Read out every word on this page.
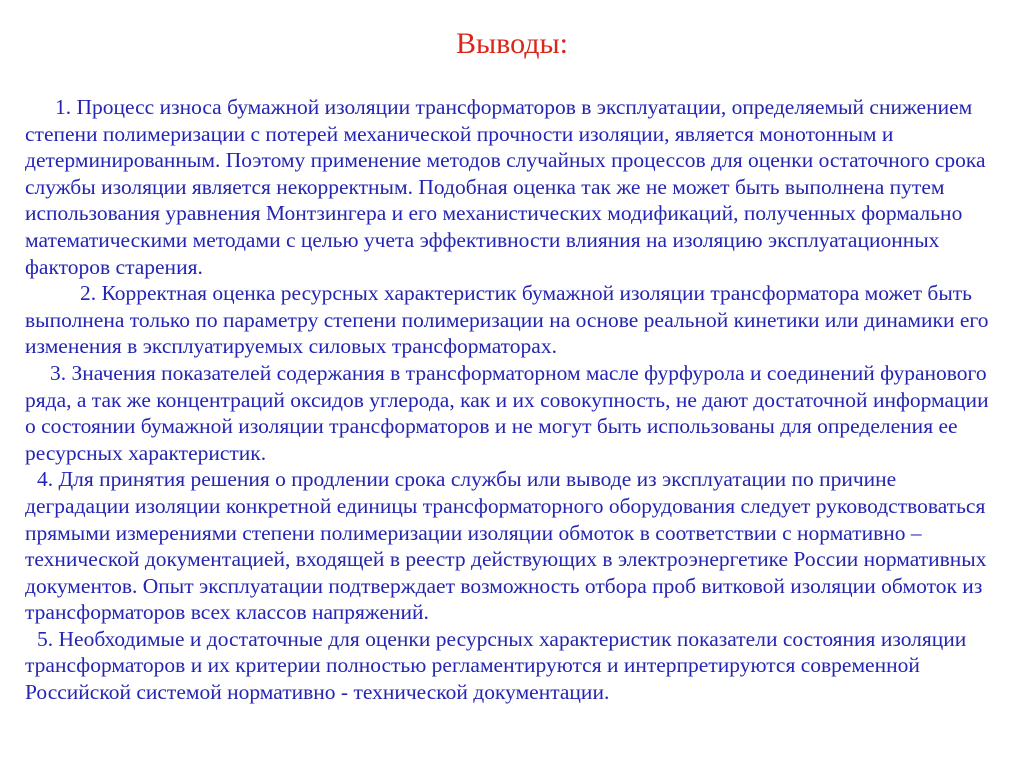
Выводы:

1. Процесс износа бумажной изоляции трансформаторов в эксплуатации, определяемый снижением степени полимеризации с потерей механической прочности изоляции, является монотонным и детерминированным. Поэтому применение методов случайных процессов для оценки остаточного срока службы изоляции является некорректным. Подобная оценка так же не может быть выполнена путем использования уравнения Монтзингера и его механистических модификаций, полученных формально математическими методами с целью учета эффективности влияния на изоляцию эксплуатационных факторов старения.

2. Корректная оценка ресурсных характеристик бумажной изоляции трансформатора может быть выполнена только по параметру степени полимеризации на основе реальной кинетики или динамики его изменения в эксплуатируемых силовых трансформаторах.

3. Значения показателей содержания в трансформаторном масле фурфурола и соединений фуранового ряда, а так же концентраций оксидов углерода, как и их совокупность, не дают достаточной информации о состоянии бумажной изоляции трансформаторов и не могут быть использованы для определения ее ресурсных характеристик.

4. Для принятия решения о продлении срока службы или выводе из эксплуатации по причине деградации изоляции конкретной единицы трансформаторного оборудования следует руководствоваться прямыми измерениями степени полимеризации изоляции обмоток в соответствии с нормативно – технической документацией, входящей в реестр действующих в электроэнергетике России нормативных документов. Опыт эксплуатации подтверждает возможность отбора проб витковой изоляции обмоток из трансформаторов всех классов напряжений.

5. Необходимые и достаточные для оценки ресурсных характеристик показатели состояния изоляции трансформаторов и их критерии полностью регламентируются и интерпретируются современной Российской системой нормативно - технической документации.
